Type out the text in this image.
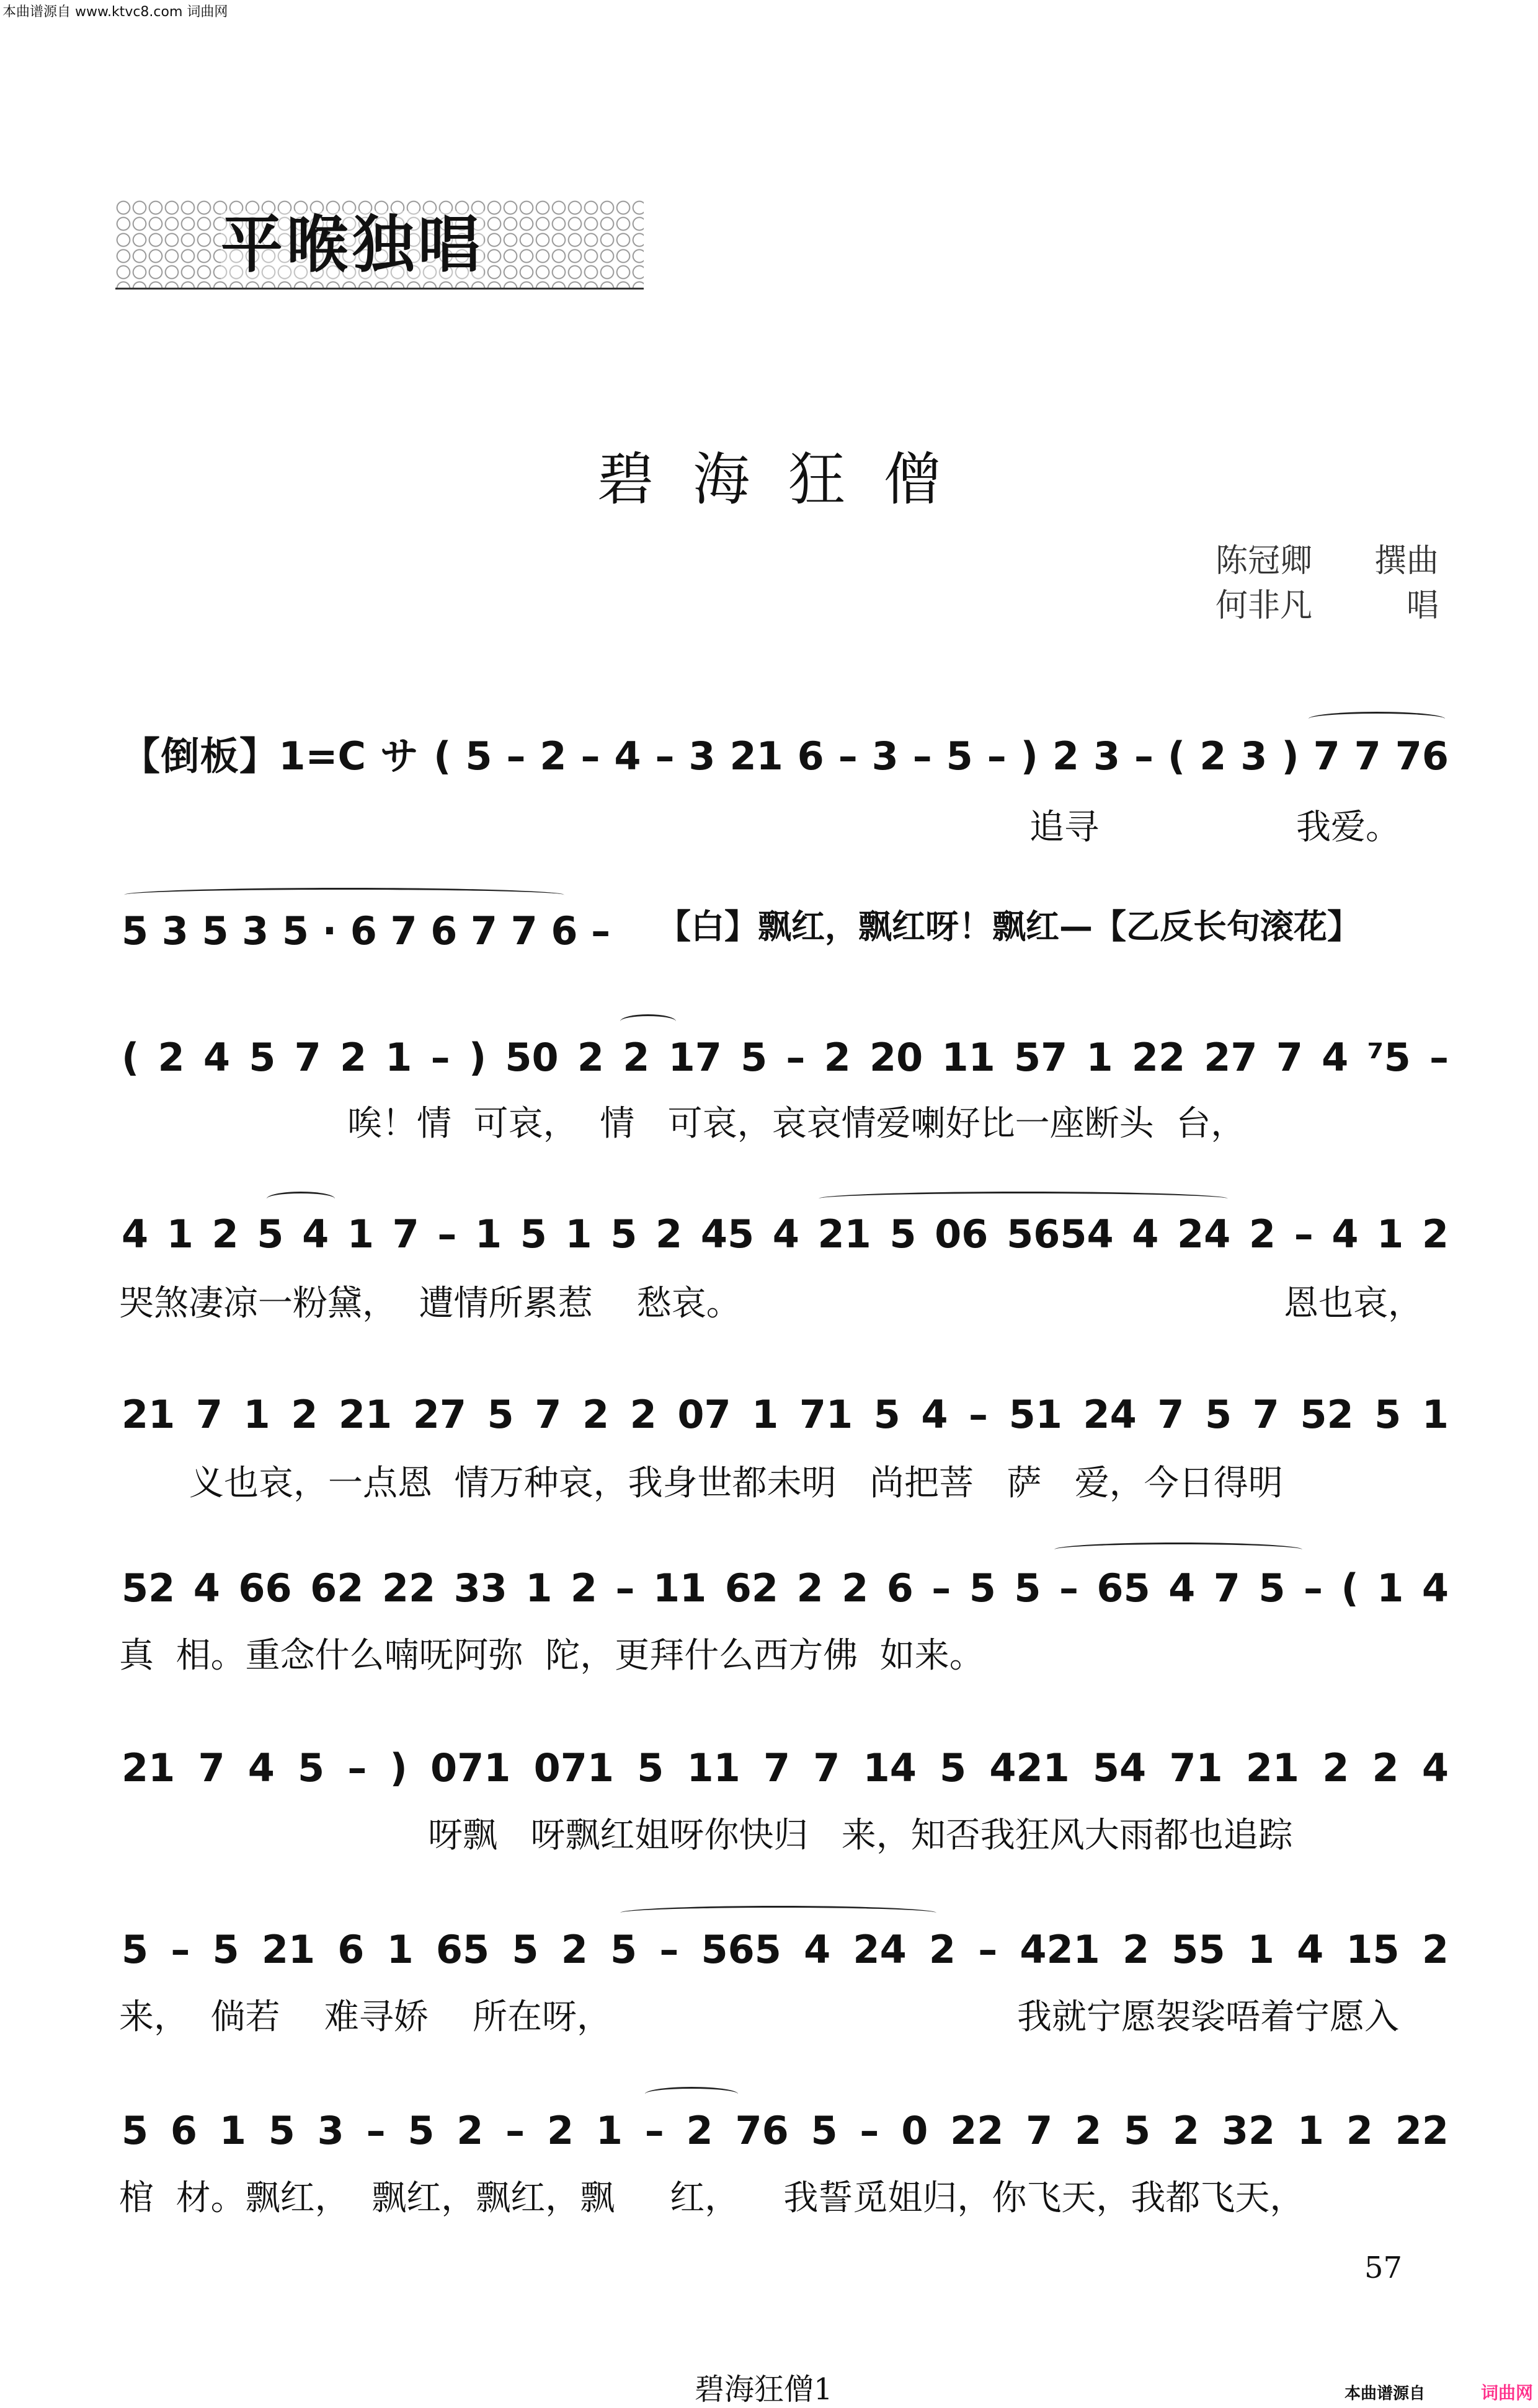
本曲谱源自 www.ktvc8.com 词曲网
平喉独唱
碧海狂僧
陈冠卿 撰曲
何非凡	唱
【倒板】1=C サ ( 5 – 2 – 4 – 3 21 6 – 3 – 5 – ) 2 3 – ( 2 3 ) 7 7 76
追寻	我爱。
5 3 5 3 5 · 6 7 6 7 7 6 – 【白】飘红，飘红呀！飘红—【乙反长句滚花】
( 2 4 5 7 2 1 – ) 50 2 2 17 5 – 2 20 11 57 1 22 27 7 4 ⁷5 –
唉！情  可哀，  情   可哀，哀哀情爱喇好比一座断头  台，
4 1 2 5 4 1 7 – 1 5 1 5 2 45 4 21 5 06 5654 4 24 2 – 4 1 2
哭煞凄凉一粉黛，  遭情所累惹    愁哀。	恩也哀，
21 7 1 2 21 27 5 7 2 2 07 1 71 5 4 – 51 24 7 5 7 52 5 1
义也哀，一点恩  情万种哀，我身世都未明   尚把菩   萨   爱，今日得明
52 4 66 62 22 33 1 2 – 11 62 2 2 6 – 5 5 – 65 4 7 5 – ( 1 4
真  相。重念什么喃呒阿弥  陀，更拜什么西方佛  如来。
21 7 4 5 – ) 071 071 5 11 7 7 14 5 421 54 71 21 2 2 4
呀飘   呀飘红姐呀你快归   来，知否我狂风大雨都也追踪
5 – 5 21 6 1 65 5 2 5 – 565 4 24 2 – 421 2 55 1 4 15 2
来，  倘若    难寻娇    所在呀，	我就宁愿袈裟唔着宁愿入
5 6 1 5 3 – 5 2 – 2 1 – 2 76 5 – 0 22 7 2 5 2 32 1 2 22
棺  材。飘红，  飘红，飘红，飘     红，    我誓觅姐归，你飞天，我都飞天，
57
碧海狂僧1	本曲谱源自	词曲网
